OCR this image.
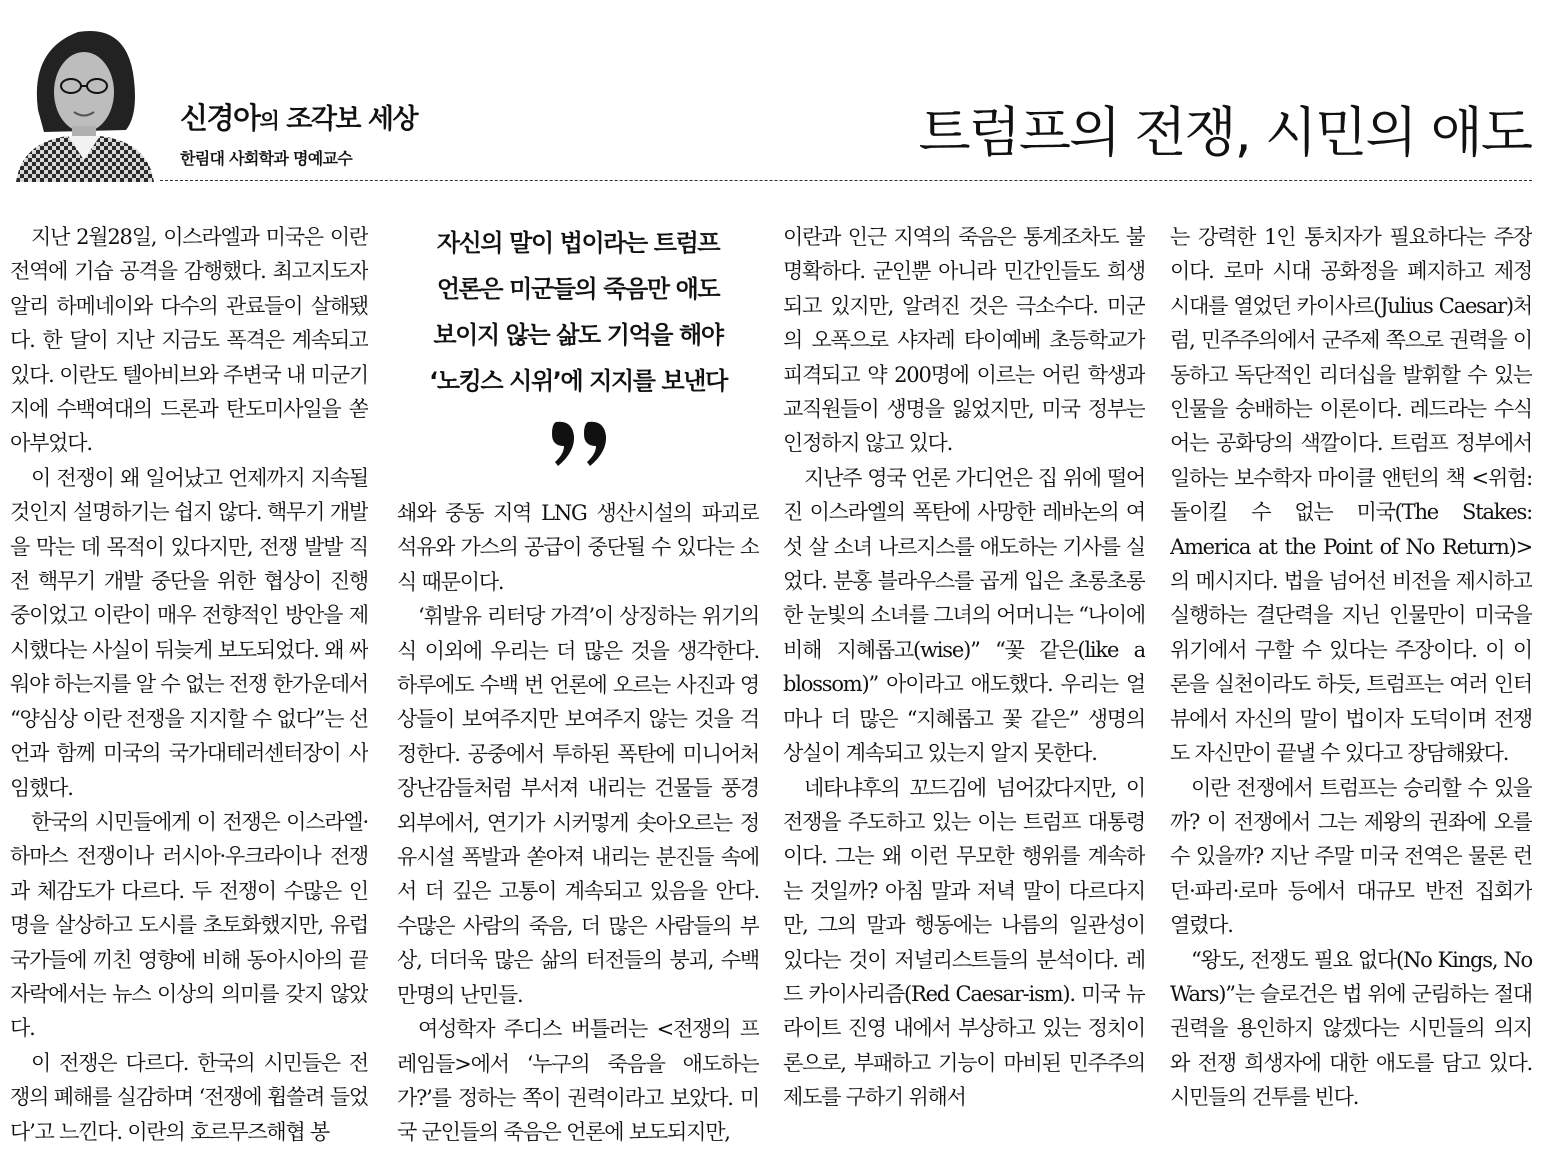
신경아의 조각보 세상
한림대 사회학과 명예교수	트럼프의 전쟁, 시민의 애도

지난 2월28일, 이스라엘과 미국은 이란 전역에 기습 공격을 감행했다. 최고지도자 알리 하메네이와 다수의 관료들이 살해됐다. 한 달이 지난 지금도 폭격은 계속되고 있다. 이란도 텔아비브와 주변국 내 미군기지에 수백여대의 드론과 탄도미사일을 쏟아부었다.

이 전쟁이 왜 일어났고 언제까지 지속될 것인지 설명하기는 쉽지 않다. 핵무기 개발을 막는 데 목적이 있다지만, 전쟁 발발 직전 핵무기 개발 중단을 위한 협상이 진행 중이었고 이란이 매우 전향적인 방안을 제시했다는 사실이 뒤늦게 보도되었다. 왜 싸워야 하는지를 알 수 없는 전쟁 한가운데서 “양심상 이란 전쟁을 지지할 수 없다”는 선언과 함께 미국의 국가대테러센터장이 사임했다.

한국의 시민들에게 이 전쟁은 이스라엘·하마스 전쟁이나 러시아·우크라이나 전쟁과 체감도가 다르다. 두 전쟁이 수많은 인명을 살상하고 도시를 초토화했지만, 유럽 국가들에 끼친 영향에 비해 동아시아의 끝자락에서는 뉴스 이상의 의미를 갖지 않았다.

이 전쟁은 다르다. 한국의 시민들은 전쟁의 폐해를 실감하며 ‘전쟁에 휩쓸려 들었다’고 느낀다. 이란의 호르무즈해협 봉

자신의 말이 법이라는 트럼프
언론은 미군들의 죽음만 애도
보이지 않는 삶도 기억을 해야
‘노킹스 시위’에 지지를 보낸다

쇄와 중동 지역 LNG 생산시설의 파괴로 석유와 가스의 공급이 중단될 수 있다는 소식 때문이다.

‘휘발유 리터당 가격’이 상징하는 위기의식 이외에 우리는 더 많은 것을 생각한다. 하루에도 수백 번 언론에 오르는 사진과 영상들이 보여주지만 보여주지 않는 것을 걱정한다. 공중에서 투하된 폭탄에 미니어처 장난감들처럼 부서져 내리는 건물들 풍경 외부에서, 연기가 시커멓게 솟아오르는 정유시설 폭발과 쏟아져 내리는 분진들 속에서 더 깊은 고통이 계속되고 있음을 안다. 수많은 사람의 죽음, 더 많은 사람들의 부상, 더더욱 많은 삶의 터전들의 붕괴, 수백만명의 난민들.

여성학자 주디스 버틀러는 <전쟁의 프레임들>에서 ‘누구의 죽음을 애도하는가?’를 정하는 쪽이 권력이라고 보았다. 미국 군인들의 죽음은 언론에 보도되지만,

이란과 인근 지역의 죽음은 통계조차도 불명확하다. 군인뿐 아니라 민간인들도 희생되고 있지만, 알려진 것은 극소수다. 미군의 오폭으로 샤자레 타이예베 초등학교가 피격되고 약 200명에 이르는 어린 학생과 교직원들이 생명을 잃었지만, 미국 정부는 인정하지 않고 있다.

지난주 영국 언론 가디언은 집 위에 떨어진 이스라엘의 폭탄에 사망한 레바논의 여섯 살 소녀 나르지스를 애도하는 기사를 실었다. 분홍 블라우스를 곱게 입은 초롱초롱한 눈빛의 소녀를 그녀의 어머니는 “나이에 비해 지혜롭고(wise)” “꽃 같은(like a blossom)” 아이라고 애도했다. 우리는 얼마나 더 많은 “지혜롭고 꽃 같은” 생명의 상실이 계속되고 있는지 알지 못한다.

네타냐후의 꼬드김에 넘어갔다지만, 이 전쟁을 주도하고 있는 이는 트럼프 대통령이다. 그는 왜 이런 무모한 행위를 계속하는 것일까? 아침 말과 저녁 말이 다르다지만, 그의 말과 행동에는 나름의 일관성이 있다는 것이 저널리스트들의 분석이다. 레드 카이사리즘(Red Caesar-ism). 미국 뉴라이트 진영 내에서 부상하고 있는 정치이론으로, 부패하고 기능이 마비된 민주주의 제도를 구하기 위해서

는 강력한 1인 통치자가 필요하다는 주장이다. 로마 시대 공화정을 폐지하고 제정 시대를 열었던 카이사르(Julius Caesar)처럼, 민주주의에서 군주제 쪽으로 권력을 이동하고 독단적인 리더십을 발휘할 수 있는 인물을 숭배하는 이론이다. 레드라는 수식어는 공화당의 색깔이다. 트럼프 정부에서 일하는 보수학자 마이클 앤턴의 책 <위험: 돌이킬 수 없는 미국(The Stakes: America at the Point of No Return)>의 메시지다. 법을 넘어선 비전을 제시하고 실행하는 결단력을 지닌 인물만이 미국을 위기에서 구할 수 있다는 주장이다. 이 이론을 실천이라도 하듯, 트럼프는 여러 인터뷰에서 자신의 말이 법이자 도덕이며 전쟁도 자신만이 끝낼 수 있다고 장담해왔다.

이란 전쟁에서 트럼프는 승리할 수 있을까? 이 전쟁에서 그는 제왕의 권좌에 오를 수 있을까? 지난 주말 미국 전역은 물론 런던·파리·로마 등에서 대규모 반전 집회가 열렸다.

“왕도, 전쟁도 필요 없다(No Kings, No Wars)”는 슬로건은 법 위에 군림하는 절대권력을 용인하지 않겠다는 시민들의 의지와 전쟁 희생자에 대한 애도를 담고 있다. 시민들의 건투를 빈다.
